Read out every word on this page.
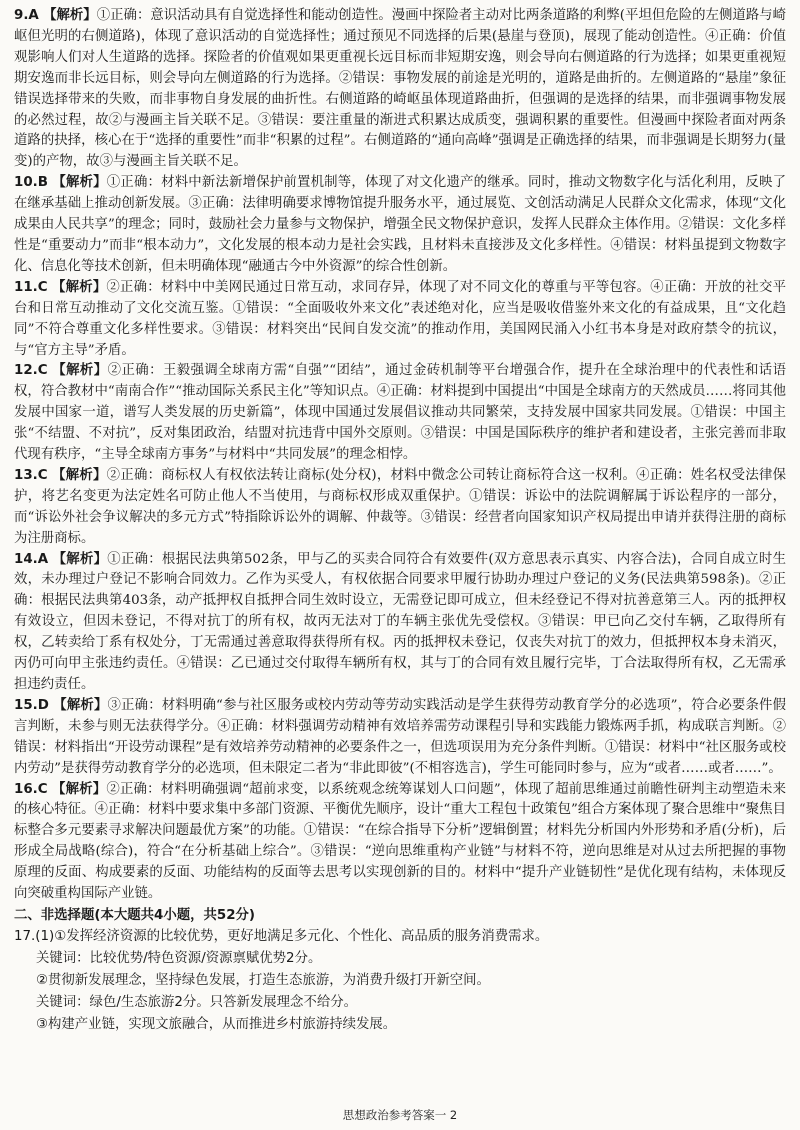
9.A 【解析】①正确：意识活动具有自觉选择性和能动创造性。漫画中探险者主动对比两条道路的利弊(平坦但危险的左侧道路与崎岖但光明的右侧道路)，体现了意识活动的自觉选择性；通过预见不同选择的后果(悬崖与登顶)，展现了能动创造性。④正确：价值观影响人们对人生道路的选择。探险者的价值观如果更重视长远目标而非短期安逸，则会导向右侧道路的行为选择；如果更重视短期安逸而非长远目标，则会导向左侧道路的行为选择。②错误：事物发展的前途是光明的，道路是曲折的。左侧道路的“悬崖”象征错误选择带来的失败，而非事物自身发展的曲折性。右侧道路的崎岖虽体现道路曲折，但强调的是选择的结果，而非强调事物发展的必然过程，故②与漫画主旨关联不足。③错误：要注重量的渐进式积累达成质变，强调积累的重要性。但漫画中探险者面对两条道路的抉择，核心在于“选择的重要性”而非“积累的过程”。右侧道路的“通向高峰”强调是正确选择的结果，而非强调是长期努力(量变)的产物，故③与漫画主旨关联不足。
10.B 【解析】①正确：材料中新法新增保护前置机制等，体现了对文化遗产的继承。同时，推动文物数字化与活化利用，反映了在继承基础上推动创新发展。③正确：法律明确要求博物馆提升服务水平，通过展览、文创活动满足人民群众文化需求，体现“文化成果由人民共享”的理念；同时，鼓励社会力量参与文物保护，增强全民文物保护意识，发挥人民群众主体作用。②错误：文化多样性是“重要动力”而非“根本动力”，文化发展的根本动力是社会实践，且材料未直接涉及文化多样性。④错误：材料虽提到文物数字化、信息化等技术创新，但未明确体现“融通古今中外资源”的综合性创新。
11.C 【解析】②正确：材料中中美网民通过日常互动，求同存异，体现了对不同文化的尊重与平等包容。④正确：开放的社交平台和日常互动推动了文化交流互鉴。①错误：“全面吸收外来文化”表述绝对化，应当是吸收借鉴外来文化的有益成果，且“文化趋同”不符合尊重文化多样性要求。③错误：材料突出“民间自发交流”的推动作用，美国网民涌入小红书本身是对政府禁令的抗议，与“官方主导”矛盾。
12.C 【解析】②正确：王毅强调全球南方需“自强”“团结”，通过金砖机制等平台增强合作，提升在全球治理中的代表性和话语权，符合教材中“南南合作”“推动国际关系民主化”等知识点。④正确：材料提到中国提出“中国是全球南方的天然成员……将同其他发展中国家一道，谱写人类发展的历史新篇”，体现中国通过发展倡议推动共同繁荣，支持发展中国家共同发展。①错误：中国主张“不结盟、不对抗”，反对集团政治，结盟对抗违背中国外交原则。③错误：中国是国际秩序的维护者和建设者，主张完善而非取代现有秩序，“主导全球南方事务”与材料中“共同发展”的理念相悖。
13.C 【解析】②正确：商标权人有权依法转让商标(处分权)，材料中微念公司转让商标符合这一权利。④正确：姓名权受法律保护，将艺名变更为法定姓名可防止他人不当使用，与商标权形成双重保护。①错误：诉讼中的法院调解属于诉讼程序的一部分，而“诉讼外社会争议解决的多元方式”特指除诉讼外的调解、仲裁等。③错误：经营者向国家知识产权局提出申请并获得注册的商标为注册商标。
14.A 【解析】①正确：根据民法典第502条，甲与乙的买卖合同符合有效要件(双方意思表示真实、内容合法)，合同自成立时生效，未办理过户登记不影响合同效力。乙作为买受人，有权依据合同要求甲履行协助办理过户登记的义务(民法典第598条)。②正确：根据民法典第403条，动产抵押权自抵押合同生效时设立，无需登记即可成立，但未经登记不得对抗善意第三人。丙的抵押权有效设立，但因未登记，不得对抗丁的所有权，故丙无法对丁的车辆主张优先受偿权。③错误：甲已向乙交付车辆，乙取得所有权，乙转卖给丁系有权处分，丁无需通过善意取得获得所有权。丙的抵押权未登记，仅丧失对抗丁的效力，但抵押权本身未消灭，丙仍可向甲主张违约责任。④错误：乙已通过交付取得车辆所有权，其与丁的合同有效且履行完毕，丁合法取得所有权，乙无需承担违约责任。
15.D 【解析】③正确：材料明确“参与社区服务或校内劳动等劳动实践活动是学生获得劳动教育学分的必选项”，符合必要条件假言判断，未参与则无法获得学分。④正确：材料强调劳动精神有效培养需劳动课程引导和实践能力锻炼两手抓，构成联言判断。②错误：材料指出“开设劳动课程”是有效培养劳动精神的必要条件之一，但选项误用为充分条件判断。①错误：材料中“社区服务或校内劳动”是获得劳动教育学分的必选项，但未限定二者为“非此即彼”(不相容选言)，学生可能同时参与，应为“或者……或者……”。
16.C 【解析】②正确：材料明确强调“超前求变，以系统观念统筹谋划人口问题”，体现了超前思维通过前瞻性研判主动塑造未来的核心特征。④正确：材料中要求集中多部门资源、平衡优先顺序，设计“重大工程包十政策包”组合方案体现了聚合思维中“聚焦目标整合多元要素寻求解决问题最优方案”的功能。①错误：“在综合指导下分析”逻辑倒置；材料先分析国内外形势和矛盾(分析)，后形成全局战略(综合)，符合“在分析基础上综合”。③错误：“逆向思维重构产业链”与材料不符，逆向思维是对从过去所把握的事物原理的反面、构成要素的反面、功能结构的反面等去思考以实现创新的目的。材料中“提升产业链韧性”是优化现有结构，未体现反向突破重构国际产业链。
二、非选择题(本大题共4小题，共52分)
17.(1)①发挥经济资源的比较优势，更好地满足多元化、个性化、高品质的服务消费需求。
关键词：比较优势/特色资源/资源禀赋优势2分。
②贯彻新发展理念，坚持绿色发展，打造生态旅游，为消费升级打开新空间。
关键词：绿色/生态旅游2分。只答新发展理念不给分。
③构建产业链，实现文旅融合，从而推进乡村旅游持续发展。
思想政治参考答案一 2
